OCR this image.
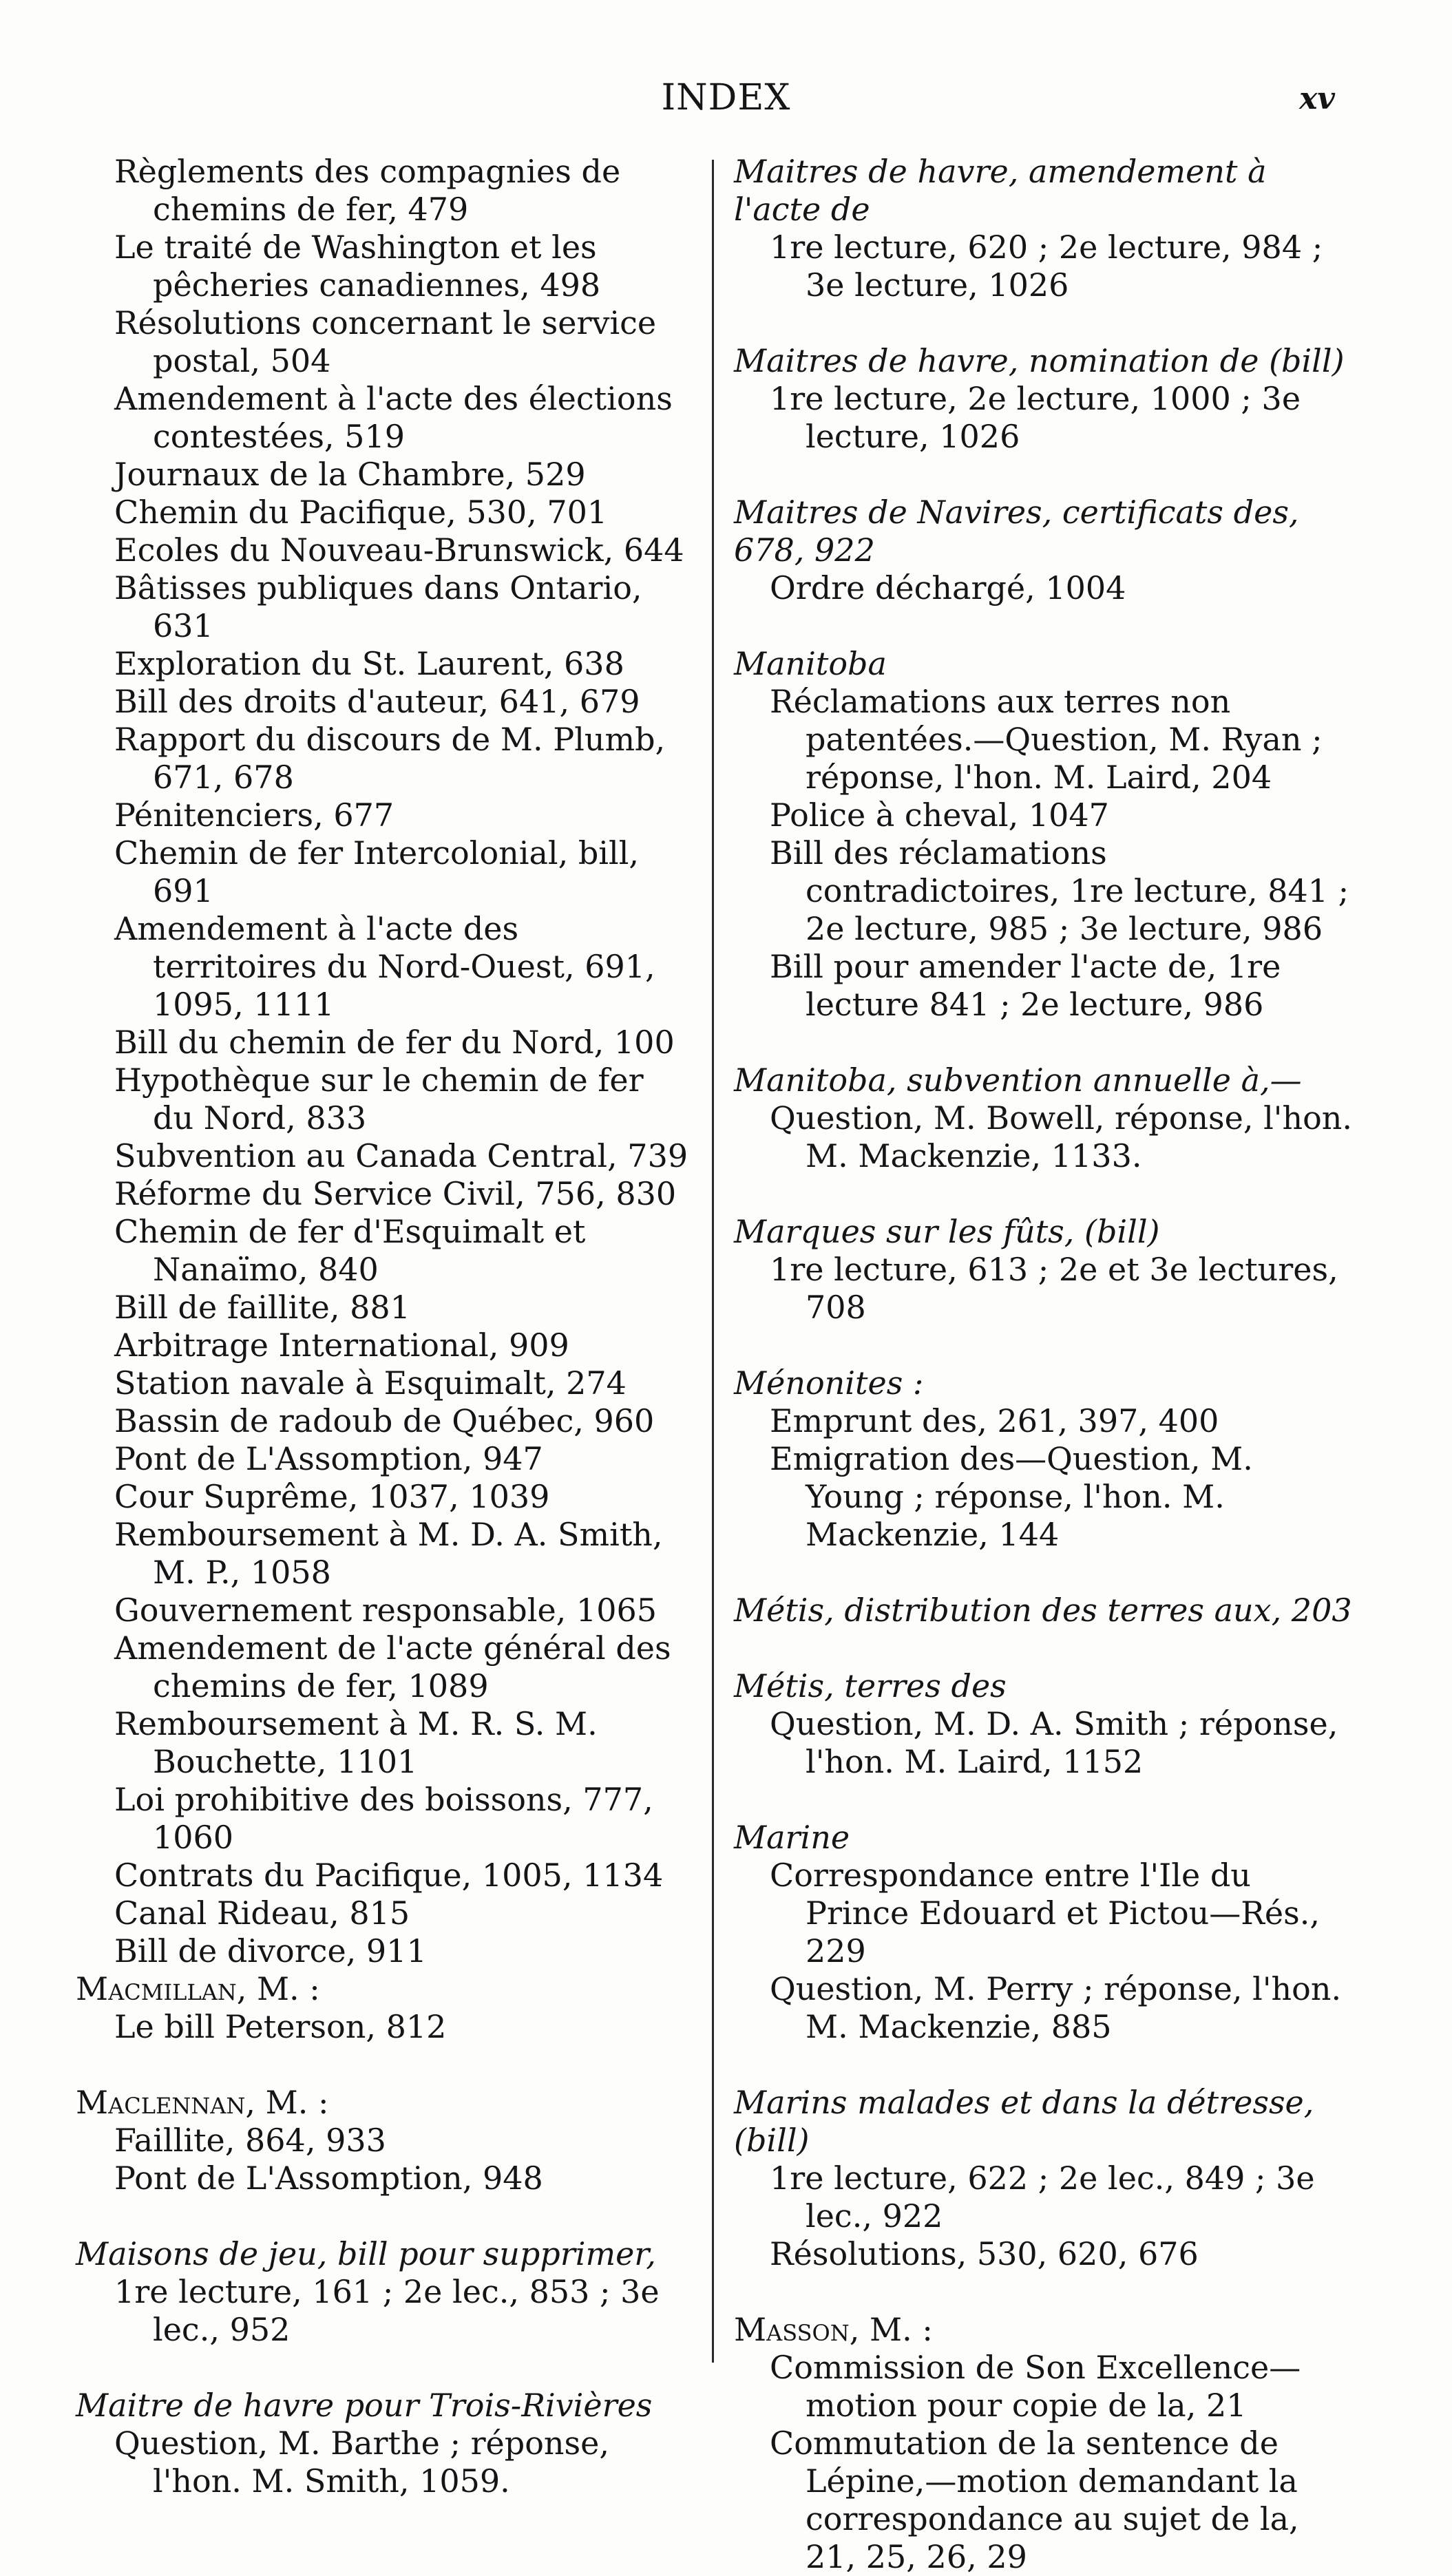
INDEX	xv
Règlements des compagnies de chemins de fer, 479
Le traité de Washington et les pêcheries canadiennes, 498
Résolutions concernant le service postal, 504
Amendement à l'acte des élections contestées, 519
Journaux de la Chambre, 529
Chemin du Pacifique, 530, 701
Ecoles du Nouveau-Brunswick, 644
Bâtisses publiques dans Ontario, 631
Exploration du St. Laurent, 638
Bill des droits d'auteur, 641, 679
Rapport du discours de M. Plumb, 671, 678
Pénitenciers, 677
Chemin de fer Intercolonial, bill, 691
Amendement à l'acte des territoires du Nord-Ouest, 691, 1095, 1111
Bill du chemin de fer du Nord, 100
Hypothèque sur le chemin de fer du Nord, 833
Subvention au Canada Central, 739
Réforme du Service Civil, 756, 830
Chemin de fer d'Esquimalt et Nanaïmo, 840
Bill de faillite, 881
Arbitrage International, 909
Station navale à Esquimalt, 274
Bassin de radoub de Québec, 960
Pont de L'Assomption, 947
Cour Suprême, 1037, 1039
Remboursement à M. D. A. Smith, M. P., 1058
Gouvernement responsable, 1065
Amendement de l'acte général des chemins de fer, 1089
Remboursement à M. R. S. M. Bouchette, 1101
Loi prohibitive des boissons, 777, 1060
Contrats du Pacifique, 1005, 1134
Canal Rideau, 815
Bill de divorce, 911
Macmillan, M. :
Le bill Peterson, 812
Maclennan, M. :
Faillite, 864, 933
Pont de L'Assomption, 948
Maisons de jeu, bill pour supprimer,
1re lecture, 161 ; 2e lec., 853 ; 3e lec., 952
Maitre de havre pour Trois-Rivières
Question, M. Barthe ; réponse, l'hon. M. Smith, 1059.
Maitres de havre, amendement à l'acte de
1re lecture, 620 ; 2e lecture, 984 ; 3e lecture, 1026
Maitres de havre, nomination de (bill)
1re lecture, 2e lecture, 1000 ; 3e lecture, 1026
Maitres de Navires, certificats des, 678, 922
Ordre déchargé, 1004
Manitoba
Réclamations aux terres non patentées.—Question, M. Ryan ; réponse, l'hon. M. Laird, 204
Police à cheval, 1047
Bill des réclamations contradictoires, 1re lecture, 841 ; 2e lecture, 985 ; 3e lecture, 986
Bill pour amender l'acte de, 1re lecture 841 ; 2e lecture, 986
Manitoba, subvention annuelle à,—
Question, M. Bowell, réponse, l'hon. M. Mackenzie, 1133.
Marques sur les fûts, (bill)
1re lecture, 613 ; 2e et 3e lectures, 708
Ménonites :
Emprunt des, 261, 397, 400
Emigration des—Question, M. Young ; réponse, l'hon. M. Mackenzie, 144
Métis, distribution des terres aux, 203
Métis, terres des
Question, M. D. A. Smith ; réponse, l'hon. M. Laird, 1152
Marine
Correspondance entre l'Ile du Prince Edouard et Pictou—Rés., 229
Question, M. Perry ; réponse, l'hon. M. Mackenzie, 885
Marins malades et dans la détresse, (bill)
1re lecture, 622 ; 2e lec., 849 ; 3e lec., 922
Résolutions, 530, 620, 676
Masson, M. :
Commission de Son Excellence—motion pour copie de la, 21
Commutation de la sentence de Lépine,—motion demandant la correspondance au sujet de la, 21, 25, 26, 29
